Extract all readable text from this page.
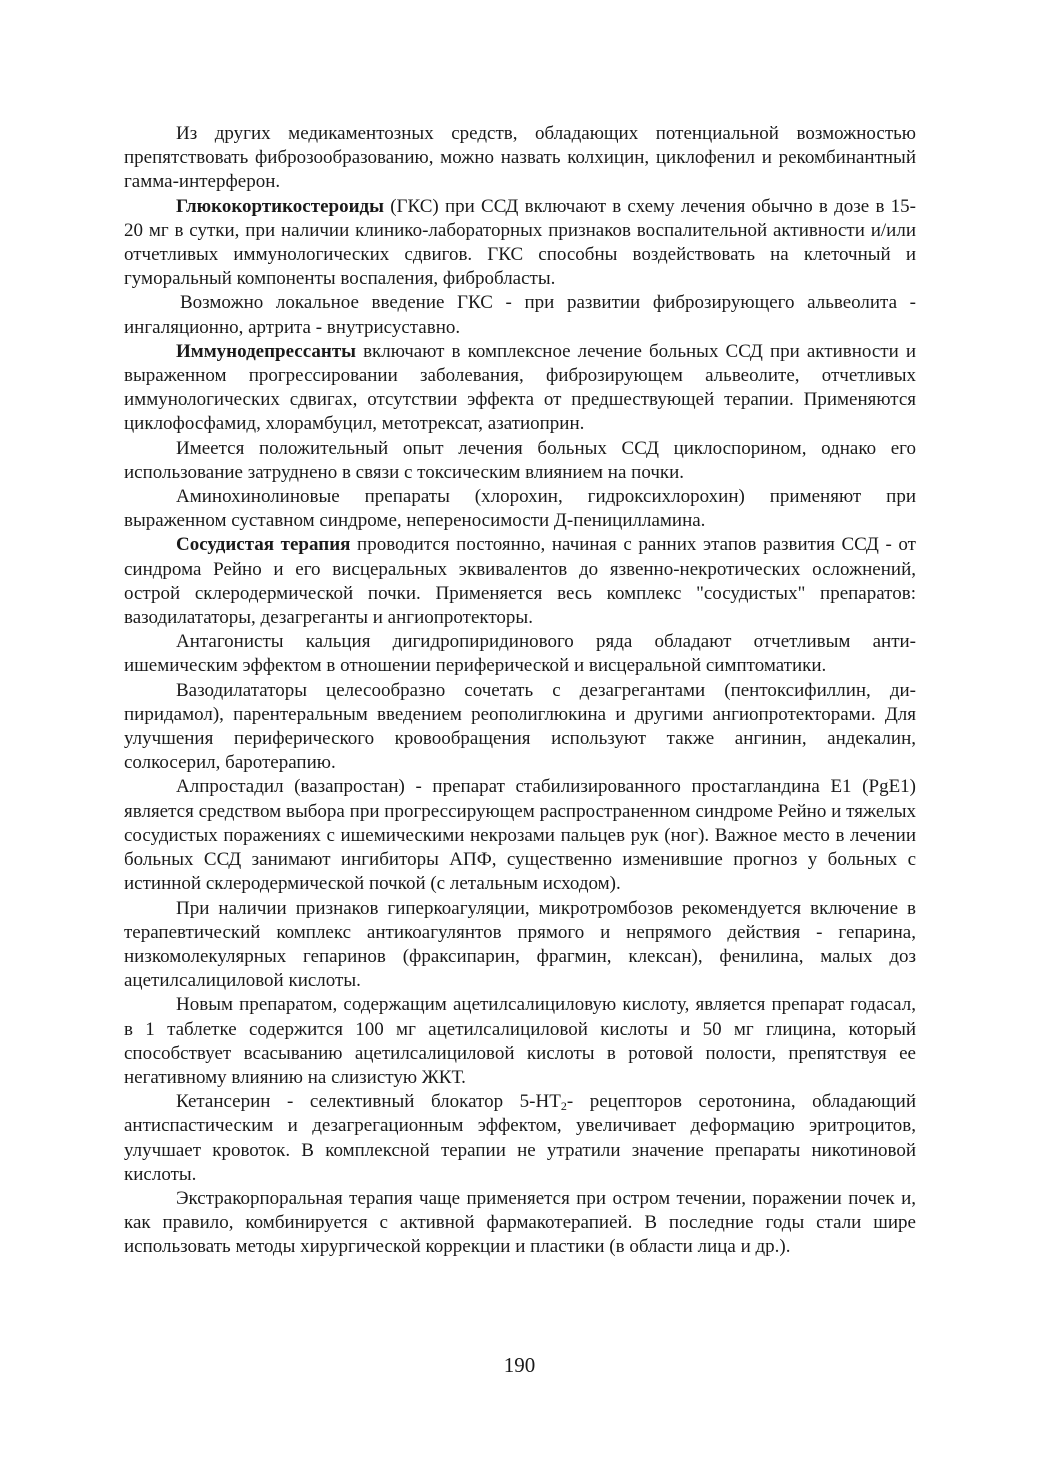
Из других медикаментозных средств, обладающих потенциальной возможностью препятствовать фиброзообразованию, можно назвать колхицин, циклофенил и рекомбинантный гамма-интерферон.

Глюкокортикостероиды (ГКС) при ССД включают в схему лечения обычно в дозе в 15-20 мг в сутки, при наличии клинико-лабораторных признаков воспалительной активности и/или отчетливых иммунологических сдвигов. ГКС способны воздействовать на клеточный и гуморальный компоненты воспаления, фибробласты.

Возможно локальное введение ГКС - при развитии фиброзирующего альвеолита - ингаляционно, артрита - внутрисуставно.

Иммунодепрессанты включают в комплексное лечение больных ССД при активности и выраженном прогрессировании заболевания, фиброзирующем альвеолите, отчетливых иммунологических сдвигах, отсутствии эффекта от предшествующей терапии. Применяются циклофосфамид, хлорамбуцил, метотрексат, азатиоприн.

Имеется положительный опыт лечения больных ССД циклоспорином, однако его использование затруднено в связи с токсическим влиянием на почки.

Аминохинолиновые препараты (хлорохин, гидроксихлорохин) применяют при выраженном суставном синдроме, непереносимости Д-пеницилламина.

Сосудистая терапия проводится постоянно, начиная с ранних этапов развития ССД - от синдрома Рейно и его висцеральных эквивалентов до язвенно-некротических осложнений, острой склеродермической почки. Применяется весь комплекс "сосудистых" препаратов: вазодилататоры, дезагреганты и ангиопротекторы.

Антагонисты кальция дигидропиридинового ряда обладают отчетливым антиишемическим эффектом в отношении периферической и висцеральной симптоматики.

Вазодилататоры целесообразно сочетать с дезагрегантами (пентоксифиллин, дипиридамол), парентеральным введением реополиглюкина и другими ангиопротекторами. Для улучшения периферического кровообращения используют также ангинин, андекалин, солкосерил, баротерапию.

Алпростадил (вазапростан) - препарат стабилизированного простагландина Е1 (PgE1) является средством выбора при прогрессирующем распространенном синдроме Рейно и тяжелых сосудистых поражениях с ишемическими некрозами пальцев рук (ног). Важное место в лечении больных ССД занимают ингибиторы АПФ, существенно изменившие прогноз у больных с истинной склеродермической почкой (с летальным исходом).

При наличии признаков гиперкоагуляции, микротромбозов рекомендуется включение в терапевтический комплекс антикоагулянтов прямого и непрямого действия - гепарина, низкомолекулярных гепаринов (фраксипарин, фрагмин, клексан), фенилина, малых доз ацетилсалициловой кислоты.

Новым препаратом, содержащим ацетилсалициловую кислоту, является препарат годасал, в 1 таблетке содержится 100 мг ацетилсалициловой кислоты и 50 мг глицина, который способствует всасыванию ацетилсалициловой кислоты в ротовой полости, препятствуя ее негативному влиянию на слизистую ЖКТ.

Кетансерин - селективный блокатор $5-HT_2-$ рецепторов серотонина, обладающий антиспастическим и дезагрегационным эффектом, увеличивает деформацию эритроцитов, улучшает кровоток. В комплексной терапии не утратили значение препараты никотиновой кислоты.

Экстракорпоральная терапия чаще применяется при остром течении, поражении почек и, как правило, комбинируется с активной фармакотерапией. В последние годы стали шире использовать методы хирургической коррекции и пластики (в области лица и др.).

190
